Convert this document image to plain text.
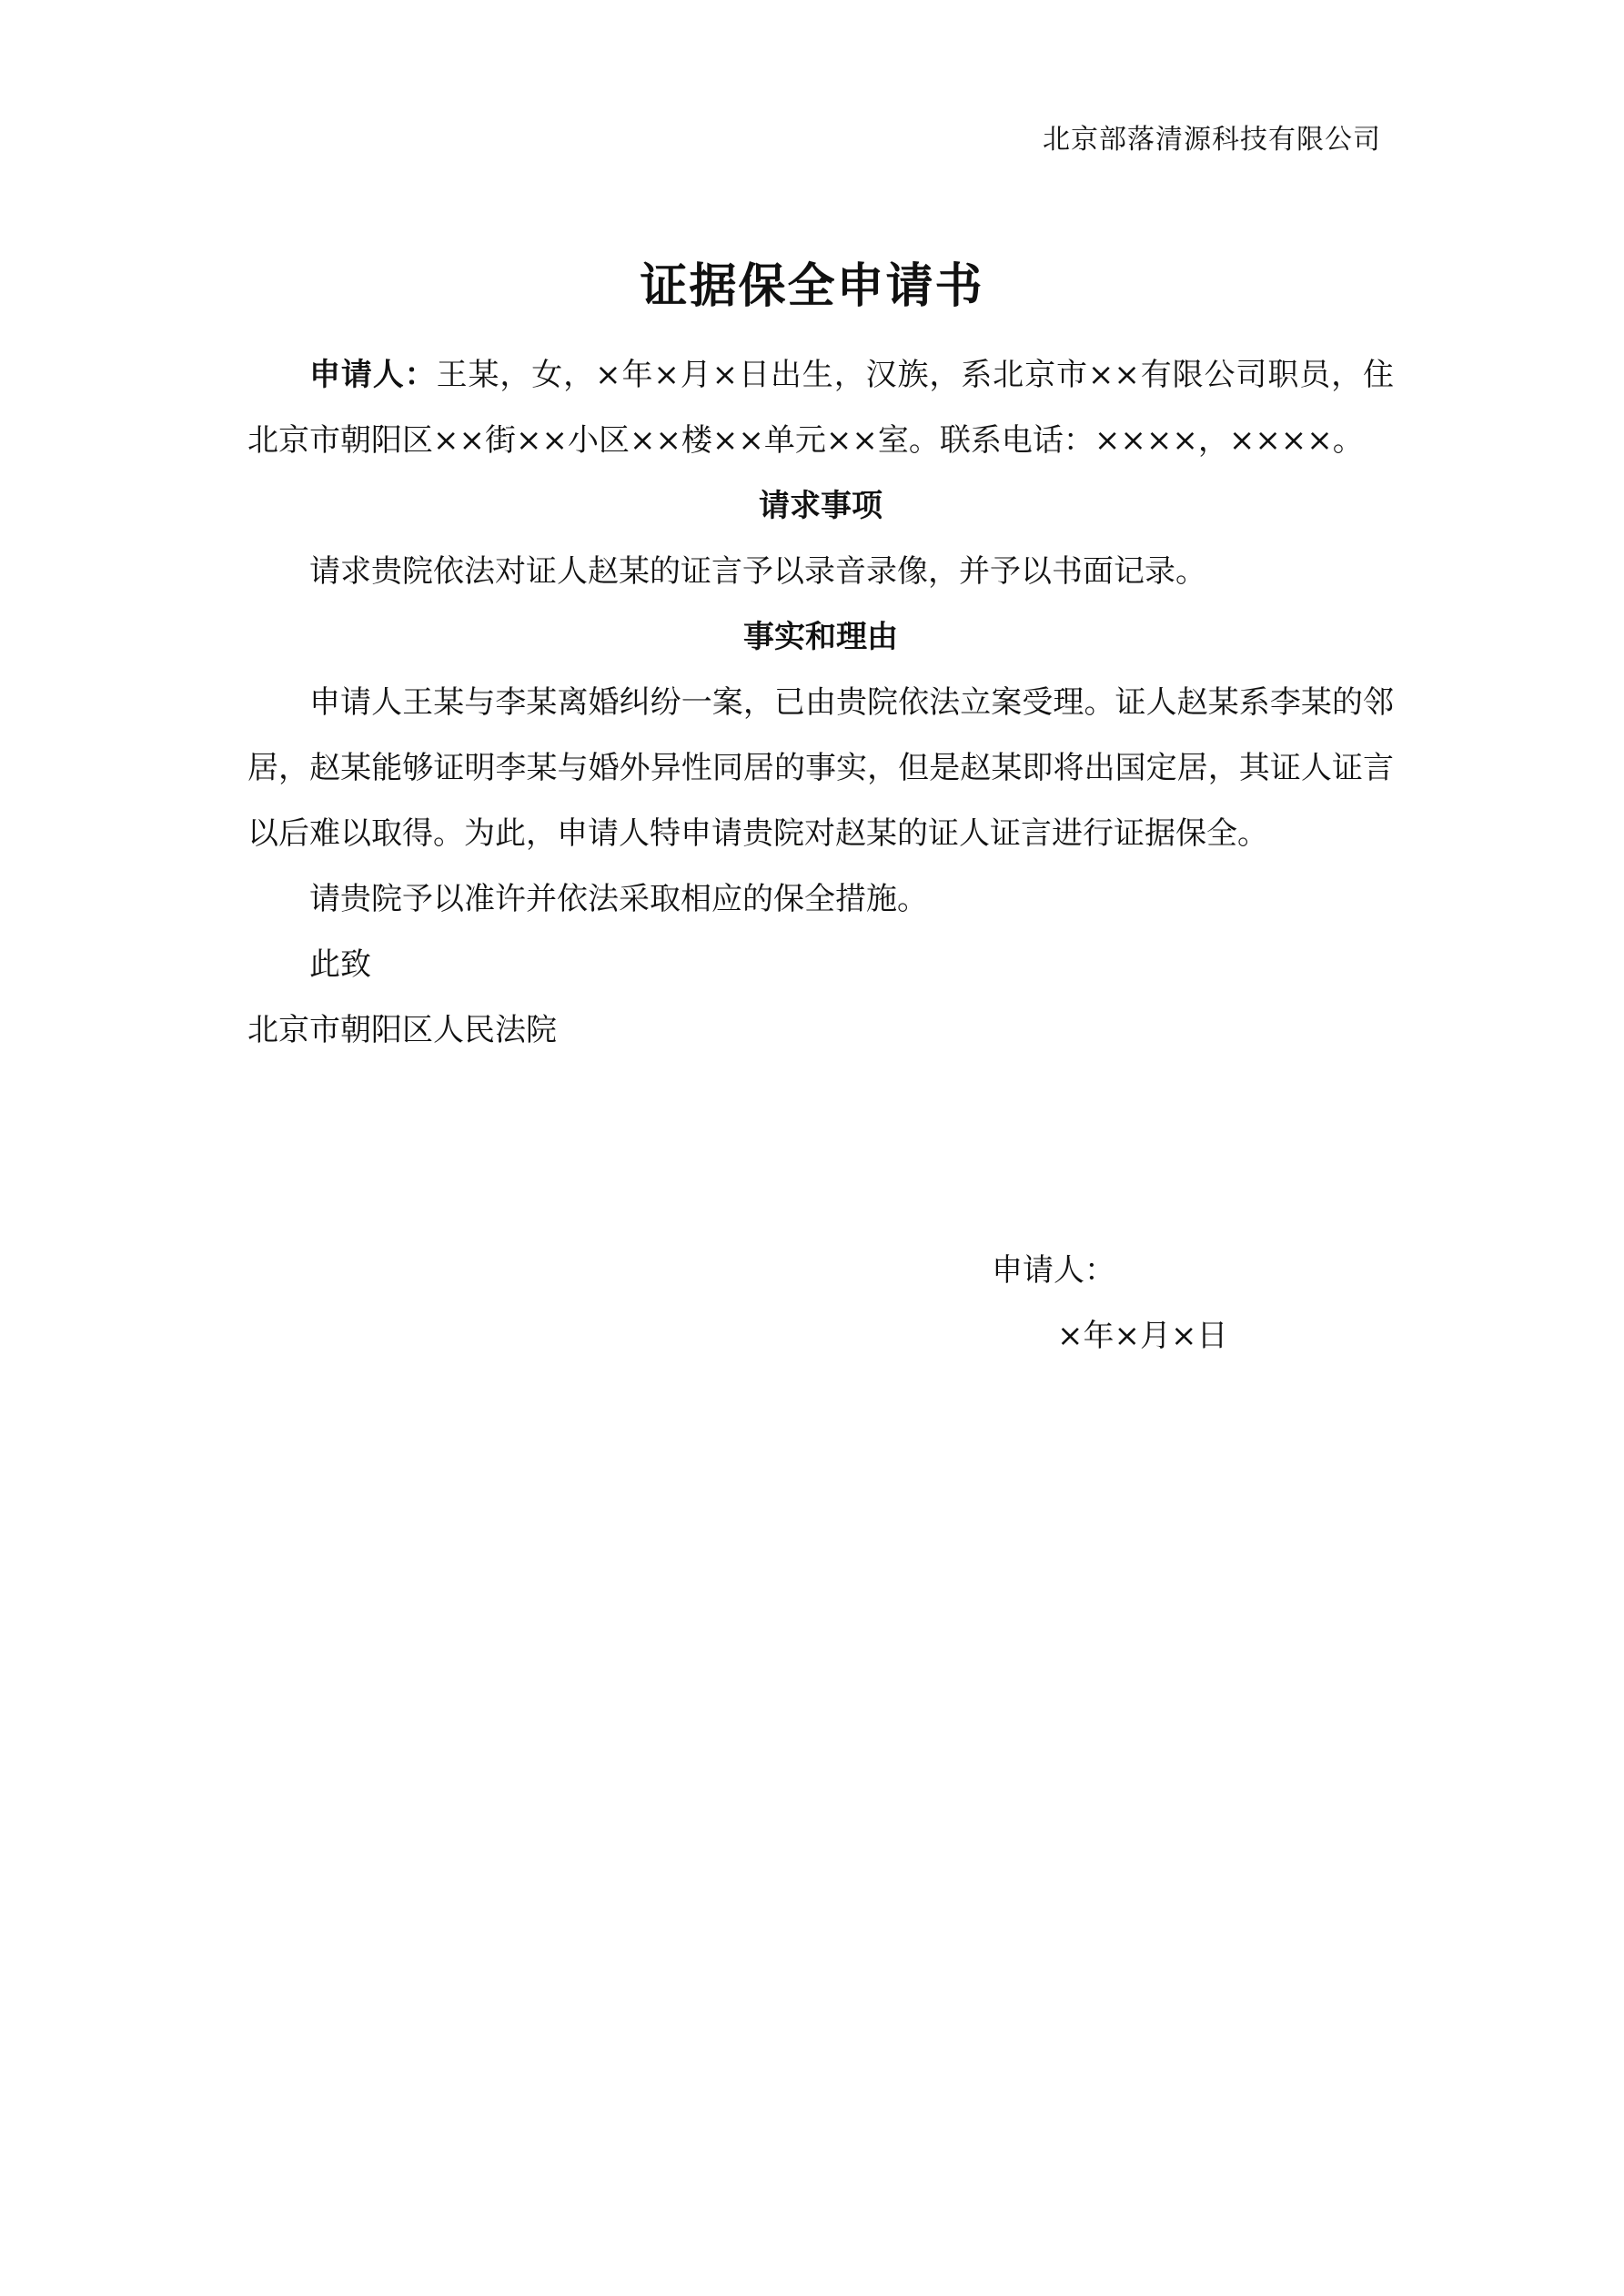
北京部落清源科技有限公司
证据保全申请书

申请人：王某，女，×年×月×日出生，汉族，系北京市××有限公司职员，住北京市朝阳区××街××小区××楼××单元××室。联系电话：××××，××××。

请求事项

请求贵院依法对证人赵某的证言予以录音录像，并予以书面记录。

事实和理由

申请人王某与李某离婚纠纷一案，已由贵院依法立案受理。证人赵某系李某的邻居，赵某能够证明李某与婚外异性同居的事实，但是赵某即将出国定居，其证人证言以后难以取得。为此，申请人特申请贵院对赵某的证人证言进行证据保全。

请贵院予以准许并依法采取相应的保全措施。

此致

北京市朝阳区人民法院

申请人：
×年×月×日
